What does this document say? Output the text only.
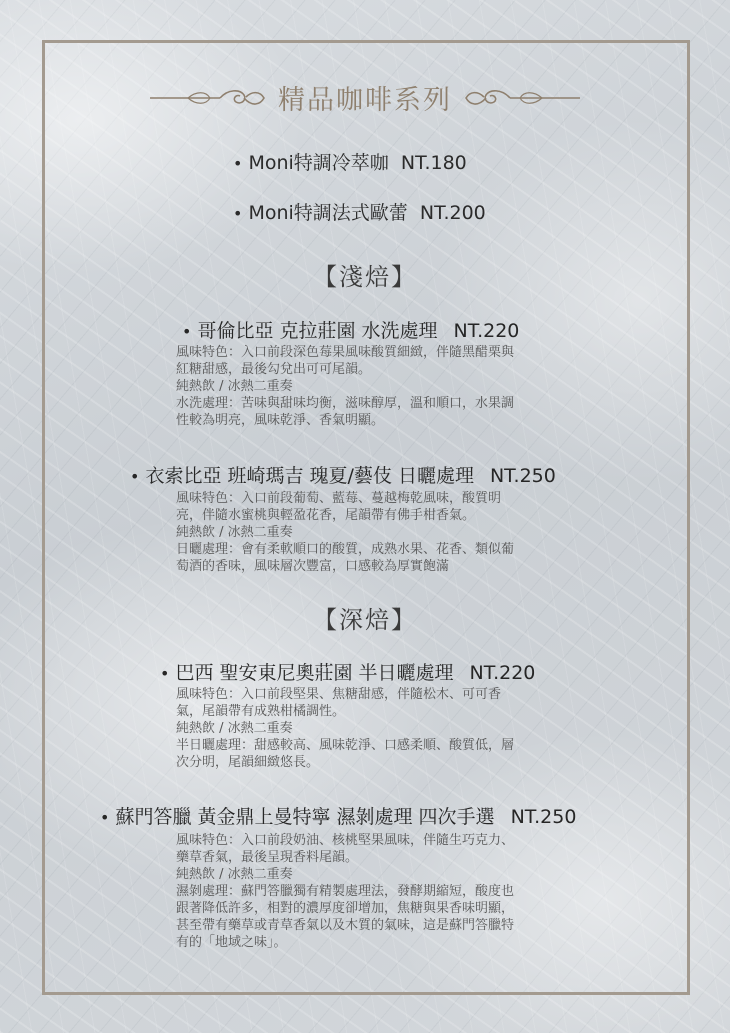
精品咖啡系列
• Moni特調冷萃咖 NT.180
• Moni特調法式歐蕾 NT.200
【淺焙】
• 哥倫比亞 克拉莊園 水洗處理 NT.220

風味特色：入口前段深色莓果風味酸質細緻，伴隨黑醋栗與

紅糖甜感，最後勾兌出可可尾韻。

純熱飲 / 冰熱二重奏

水洗處理：苦味與甜味均衡，滋味醇厚，溫和順口，水果調

性較為明亮，風味乾淨、香氣明顯。

• 衣索比亞 班崎瑪吉 瑰夏/藝伎 日曬處理 NT.250

風味特色：入口前段葡萄、藍莓、蔓越梅乾風味，酸質明

亮，伴隨水蜜桃與輕盈花香，尾韻帶有佛手柑香氣。

純熱飲 / 冰熱二重奏

日曬處理：會有柔軟順口的酸質，成熟水果、花香、類似葡

萄酒的香味，風味層次豐富，口感較為厚實飽滿

【深焙】
• 巴西 聖安東尼奧莊園 半日曬處理 NT.220

風味特色：入口前段堅果、焦糖甜感，伴隨松木、可可香

氣，尾韻帶有成熟柑橘調性。

純熱飲 / 冰熱二重奏

半日曬處理：甜感較高、風味乾淨、口感柔順、酸質低，層

次分明，尾韻細緻悠長。

• 蘇門答臘 黃金鼎上曼特寧 濕剝處理 四次手選 NT.250

風味特色：入口前段奶油、核桃堅果風味，伴隨生巧克力、

藥草香氣，最後呈現香料尾韻。

純熱飲 / 冰熱二重奏

濕剝處理：蘇門答臘獨有精製處理法，發酵期縮短，酸度也

跟著降低許多，相對的濃厚度卻增加，焦糖與果香味明顯，

甚至帶有藥草或青草香氣以及木質的氣味，這是蘇門答臘特

有的「地域之味」。
